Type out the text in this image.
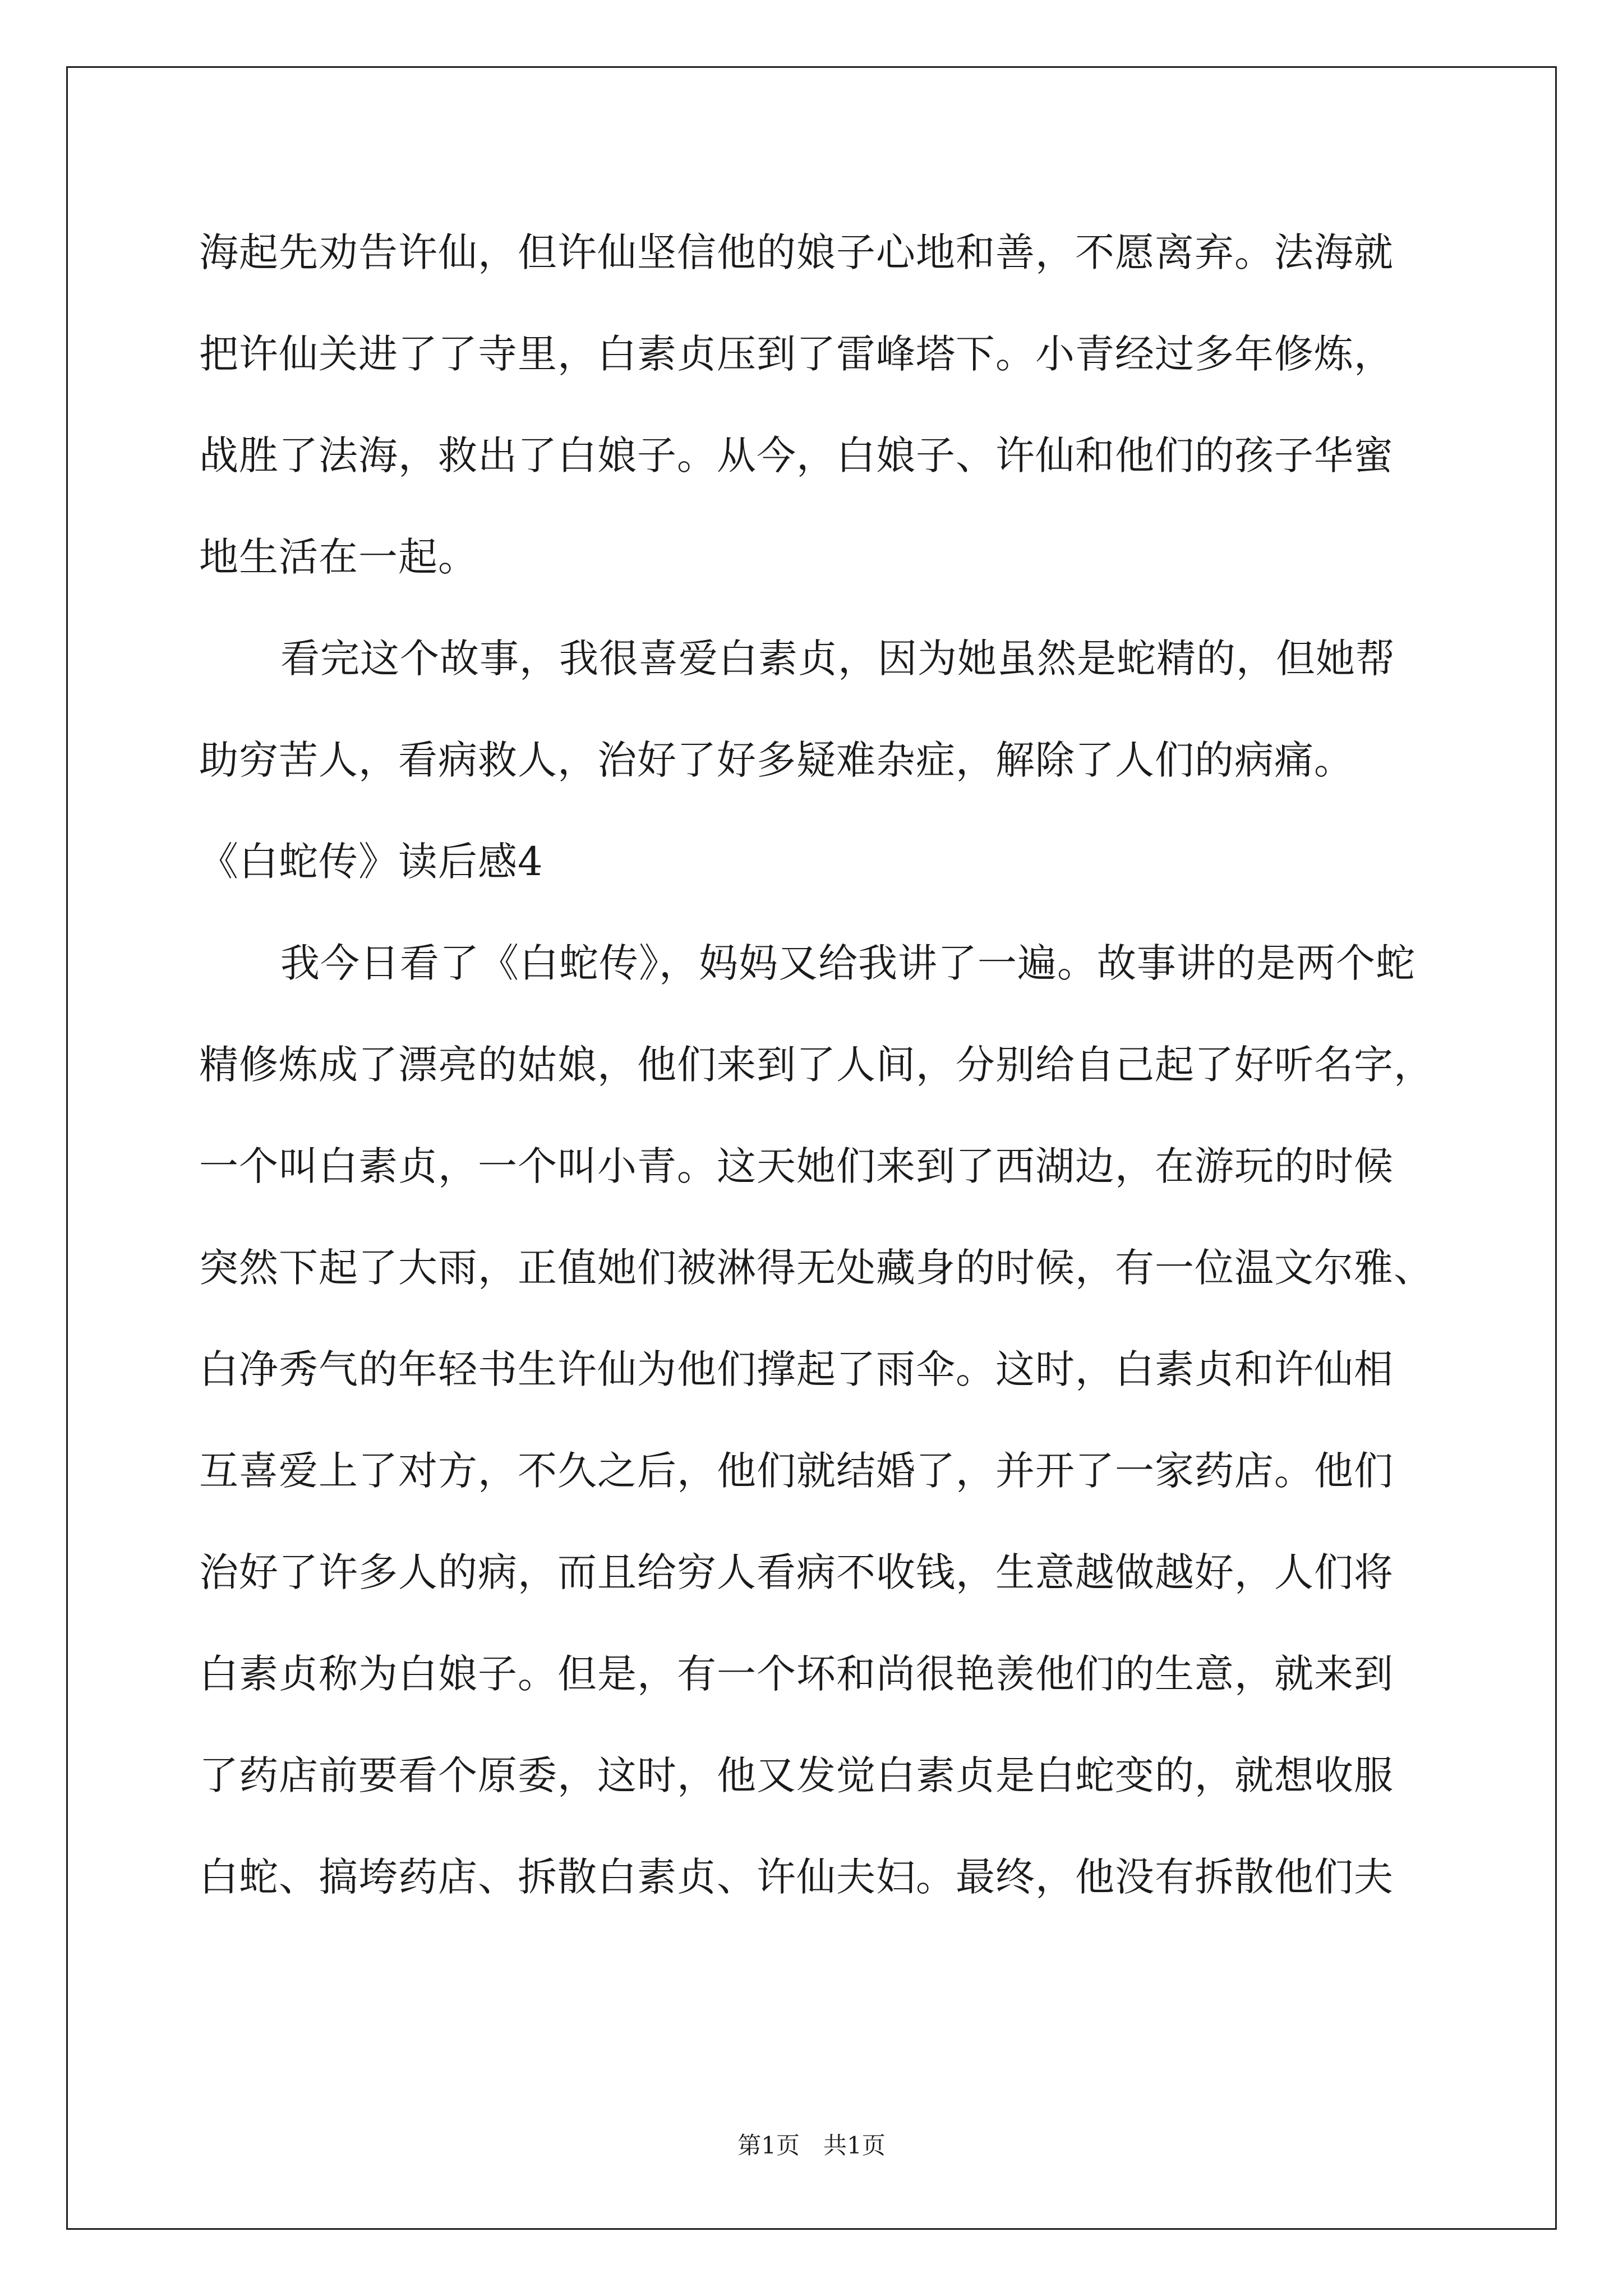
海起先劝告许仙，但许仙坚信他的娘子心地和善，不愿离弃。法海就
把许仙关进了了寺里，白素贞压到了雷峰塔下。小青经过多年修炼，
战胜了法海，救出了白娘子。从今，白娘子、许仙和他们的孩子华蜜
地生活在一起。
看完这个故事，我很喜爱白素贞，因为她虽然是蛇精的，但她帮
助穷苦人，看病救人，治好了好多疑难杂症，解除了人们的病痛。
《白蛇传》读后感4
我今日看了《白蛇传》，妈妈又给我讲了一遍。故事讲的是两个蛇
精修炼成了漂亮的姑娘，他们来到了人间，分别给自己起了好听名字，
一个叫白素贞，一个叫小青。这天她们来到了西湖边，在游玩的时候
突然下起了大雨，正值她们被淋得无处藏身的时候，有一位温文尔雅、
白净秀气的年轻书生许仙为他们撑起了雨伞。这时，白素贞和许仙相
互喜爱上了对方，不久之后，他们就结婚了，并开了一家药店。他们
治好了许多人的病，而且给穷人看病不收钱，生意越做越好，人们将
白素贞称为白娘子。但是，有一个坏和尚很艳羡他们的生意，就来到
了药店前要看个原委，这时，他又发觉白素贞是白蛇变的，就想收服
白蛇、搞垮药店、拆散白素贞、许仙夫妇。最终，他没有拆散他们夫
第1页　共1页
